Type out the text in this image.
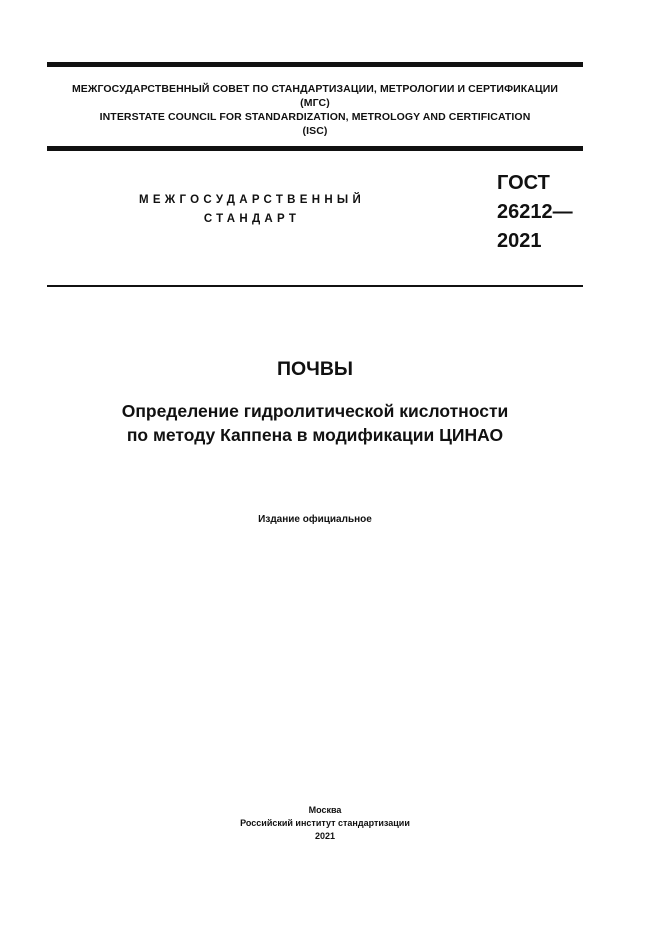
МЕЖГОСУДАРСТВЕННЫЙ СОВЕТ ПО СТАНДАРТИЗАЦИИ, МЕТРОЛОГИИ И СЕРТИФИКАЦИИ
(МГС)
INTERSTATE COUNCIL FOR STANDARDIZATION, METROLOGY AND CERTIFICATION
(ISC)
МЕЖГОСУДАРСТВЕННЫЙ
СТАНДАРТ
ГОСТ
26212—
2021
ПОЧВЫ
Определение гидролитической кислотности
по методу Каппена в модификации ЦИНАО
Издание официальное
Москва
Российский институт стандартизации
2021
